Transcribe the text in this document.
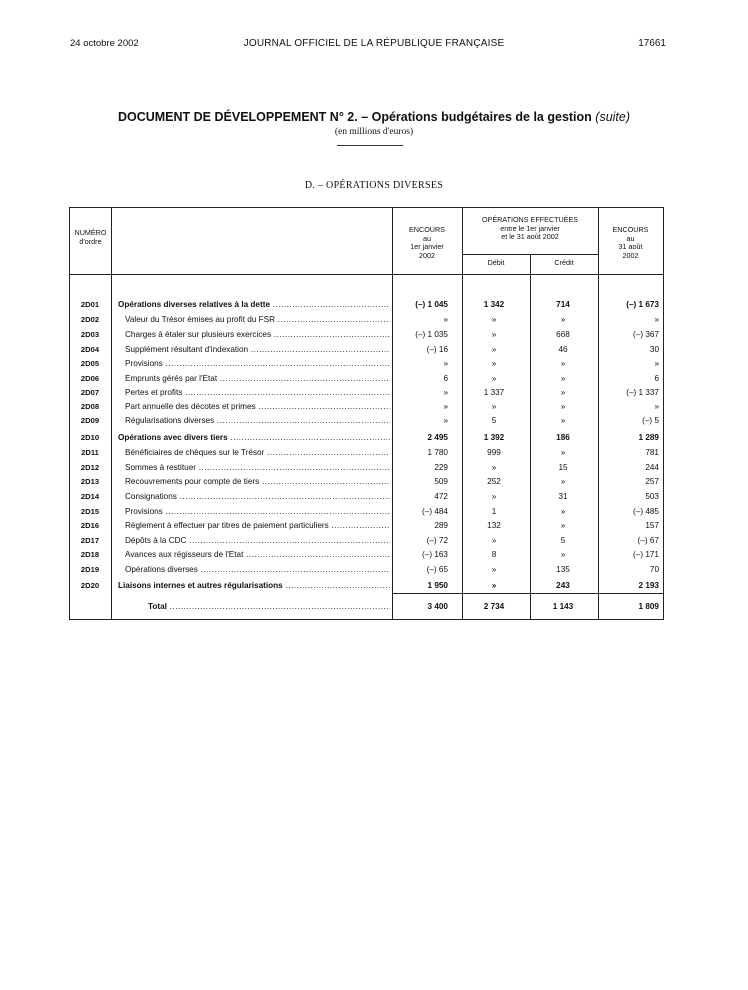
24 octobre 2002	JOURNAL OFFICIEL DE LA RÉPUBLIQUE FRANÇAISE	17661
DOCUMENT DE DÉVELOPPEMENT N° 2. – Opérations budgétaires de la gestion (suite)
(en millions d'euros)
D. – OPÉRATIONS DIVERSES
NUMÉRO
d'ordre
ENCOURS
au
1er janvier
2002
OPÉRATIONS EFFECTUÉES
entre le 1er janvier
et le 31 août 2002
Débit	Crédit
ENCOURS
au
31 août
2002
2D01	Opérations diverses relatives à la dette .....	(–) 1 045	1 342	714	(–) 1 673
2D02	Valeur du Trésor émises au profit du FSR .....	»	»	»	»
2D03	Charges à étaler sur plusieurs exercices .....	(–) 1 035	»	668	(–) 367
2D04	Supplément résultant d'indexation .....	(–) 16	»	46	30
2D05	Provisions .....	»	»	»	»
2D06	Emprunts gérés par l'Etat .....	6	»	»	6
2D07	Pertes et profits .....	»	1 337	»	(–) 1 337
2D08	Part annuelle des décotes et primes .....	»	»	»	»
2D09	Régularisations diverses .....	»	5	»	(–) 5
2D10	Opérations avec divers tiers .....	2 495	1 392	186	1 289
2D11	Bénéficiaires de chèques sur le Trésor .....	1 780	999	»	781
2D12	Sommes à restituer .....	229	»	15	244
2D13	Recouvrements pour compte de tiers .....	509	252	»	257
2D14	Consignations .....	472	»	31	503
2D15	Provisions .....	(–) 484	1	»	(–) 485
2D16	Règlement à effectuer par titres de paiement particuliers .....	289	132	»	157
2D17	Dépôts à la CDC .....	(–) 72	»	5	(–) 67
2D18	Avances aux régisseurs de l'Etat .....	(–) 163	8	»	(–) 171
2D19	Opérations diverses .....	(–) 65	»	135	70
2D20	Liaisons internes et autres régularisations .....	1 950	»	243	2 193
Total .....	3 400	2 734	1 143	1 809
